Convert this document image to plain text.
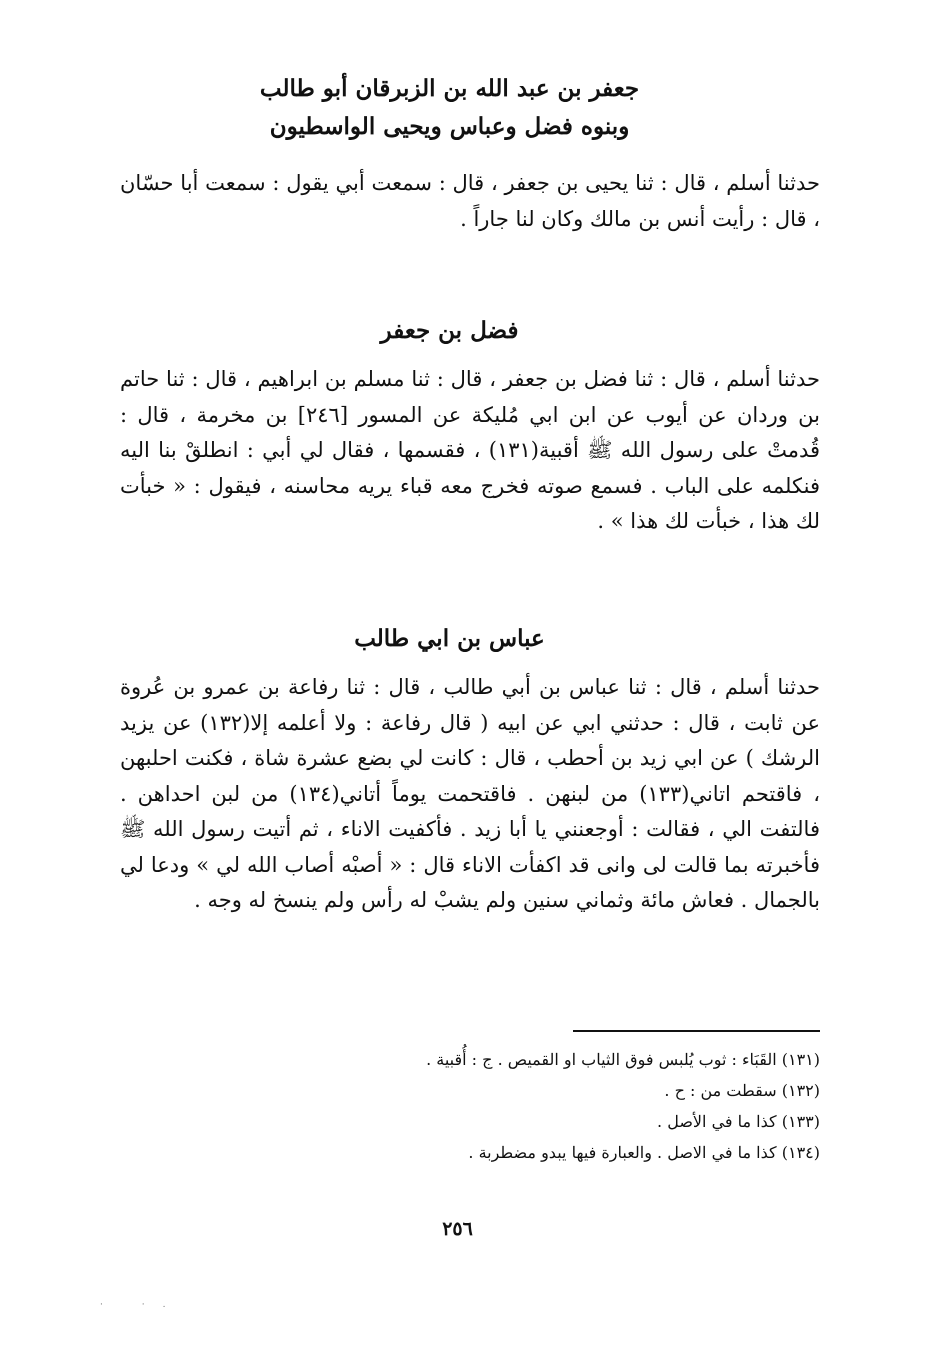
جعفر بن عبد الله بن الزبرقان أبو طالب
وبنوه فضل وعباس ويحيى الواسطيون
حدثنا أسلم ، قال : ثنا يحيى بن جعفر ، قال : سمعت أبي يقول : سمعت أبا حسّان ، قال : رأيت أنس بن مالك وكان لنا جاراً .
فضل بن جعفر
حدثنا أسلم ، قال : ثنا فضل بن جعفر ، قال : ثنا مسلم بن ابراهيم ، قال : ثنا حاتم بن وردان عن أيوب عن ابن ابي مُليكة عن المسور [٢٤٦] بن مخرمة ، قال : قُدمتْ على رسول الله ﷺ أقبية(١٣١) ، فقسمها ، فقال لي أبي : انطلقْ بنا اليه فنكلمه على الباب . فسمع صوته فخرج معه قباء يريه محاسنه ، فيقول : « خبأت لك هذا ، خبأت لك هذا » .
عباس بن ابي طالب
حدثنا أسلم ، قال : ثنا عباس بن أبي طالب ، قال : ثنا رفاعة بن عمرو بن عُروة عن ثابت ، قال : حدثني ابي عن ابيه ( قال رفاعة : ولا أعلمه إلا(١٣٢) عن يزيد الرشك ) عن ابي زيد بن أحطب ، قال : كانت لي بضع عشرة شاة ، فكنت احلبهن ، فاقتحم اتاني(١٣٣) من لبنهن . فاقتحمت يوماً أتاني(١٣٤) من لبن احداهن . فالتفت الي ، فقالت : أوجعنني يا أبا زيد . فأكفيت الاناء ، ثم أتيت رسول الله ﷺ فأخبرته بما قالت لى وانى قد اكفأت الاناء قال : « أصبْه أصاب الله لي » ودعا لي بالجمال . فعاش مائة وثماني سنين ولم يشبْ له رأس ولم ينسخ له وجه .
(١٣١) القَبَاء : ثوب يُلبس فوق الثياب او القميص . ج : أُقبية .
(١٣٢) سقطت من : ح .
(١٣٣) كذا ما في الأصل .
(١٣٤) كذا ما في الاصل . والعبارة فيها يبدو مضطربة .
٢٥٦
· ·.
